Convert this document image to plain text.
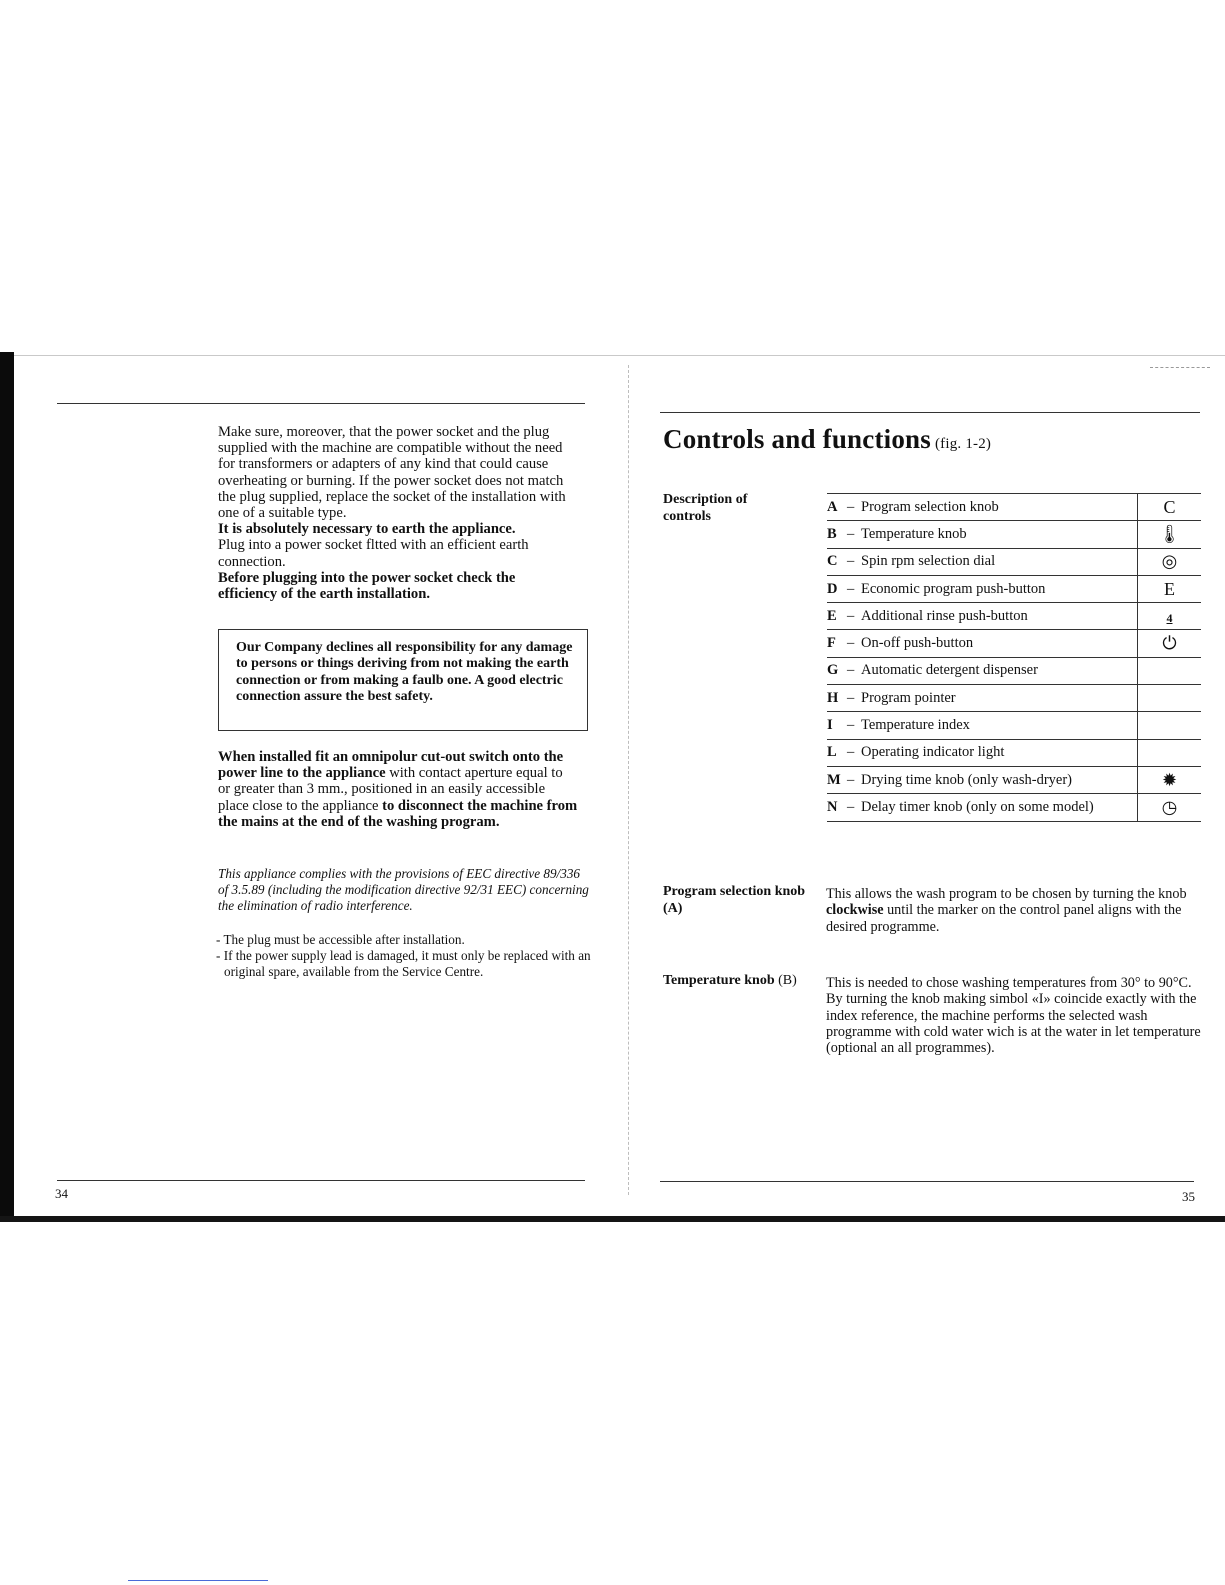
Make sure, moreover, that the power socket and the plug supplied with the machine are compatible without the need for transformers or adapters of any kind that could cause overheating or burning. If the power socket does not match the plug supplied, replace the socket of the installation with one of a suitable type.

It is absolutely necessary to earth the appliance.

Plug into a power socket fltted with an efficient earth connection.

Before plugging into the power socket check the efficiency of the earth installation.

Our Company declines all responsibility for any damage to persons or things deriving from not making the earth connection or from making a faulb one. A good electric connection assure the best safety.

When installed fit an omnipolur cut-out switch onto the power line to the appliance with contact aperture equal to or greater than 3 mm., positioned in an easily accessible place close to the appliance to disconnect the machine from the mains at the end of the washing program.

This appliance complies with the provisions of EEC directive 89/336 of 3.5.89 (including the modification directive 92/31 EEC) concerning the elimination of radio interference.

- The plug must be accessible after installation.
- If the power supply lead is damaged, it must only be replaced with an original spare, available from the Service Centre.
34
Controls and functions (fig. 1-2)

Description of controls

A – Program selection knob	C
B – Temperature knob	🌡
C – Spin rpm selection dial	◎
D – Economic program push-button	E
E – Additional rinse push-button	4
F – On-off push-button	⏻
G – Automatic detergent dispenser	
H – Program pointer	
I – Temperature index	
L – Operating indicator light	
M – Drying time knob (only wash-dryer)	✹
N – Delay timer knob (only on some model)	◷

Program selection knob
(A)

This allows the wash program to be chosen by turning the knob clockwise until the marker on the control panel aligns with the desired programme.

Temperature knob (B)	This is needed to chose washing temperatures from 30° to 90°C. By turning the knob making simbol «I» coincide exactly with the index reference, the machine performs the selected wash programme with cold water wich is at the water in let temperature (optional an all programmes).

35
